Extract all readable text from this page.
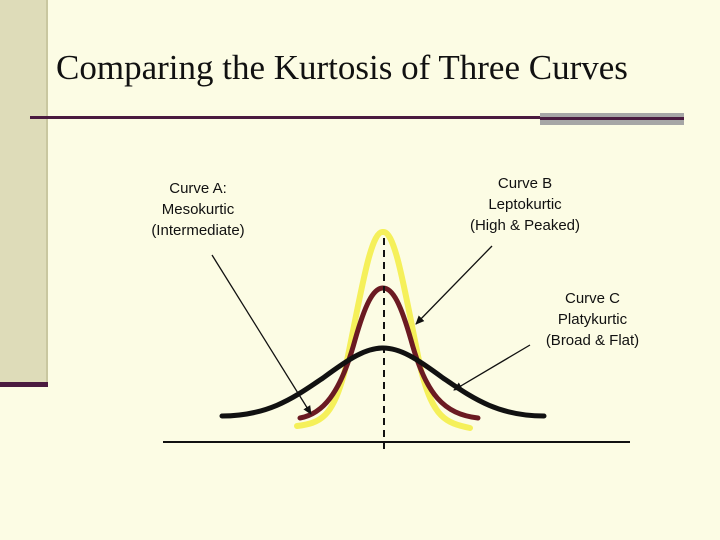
Comparing the Kurtosis of Three Curves
Curve A:
Mesokurtic
(Intermediate)
Curve B
Leptokurtic
(High & Peaked)
Curve C
Platykurtic
(Broad & Flat)
